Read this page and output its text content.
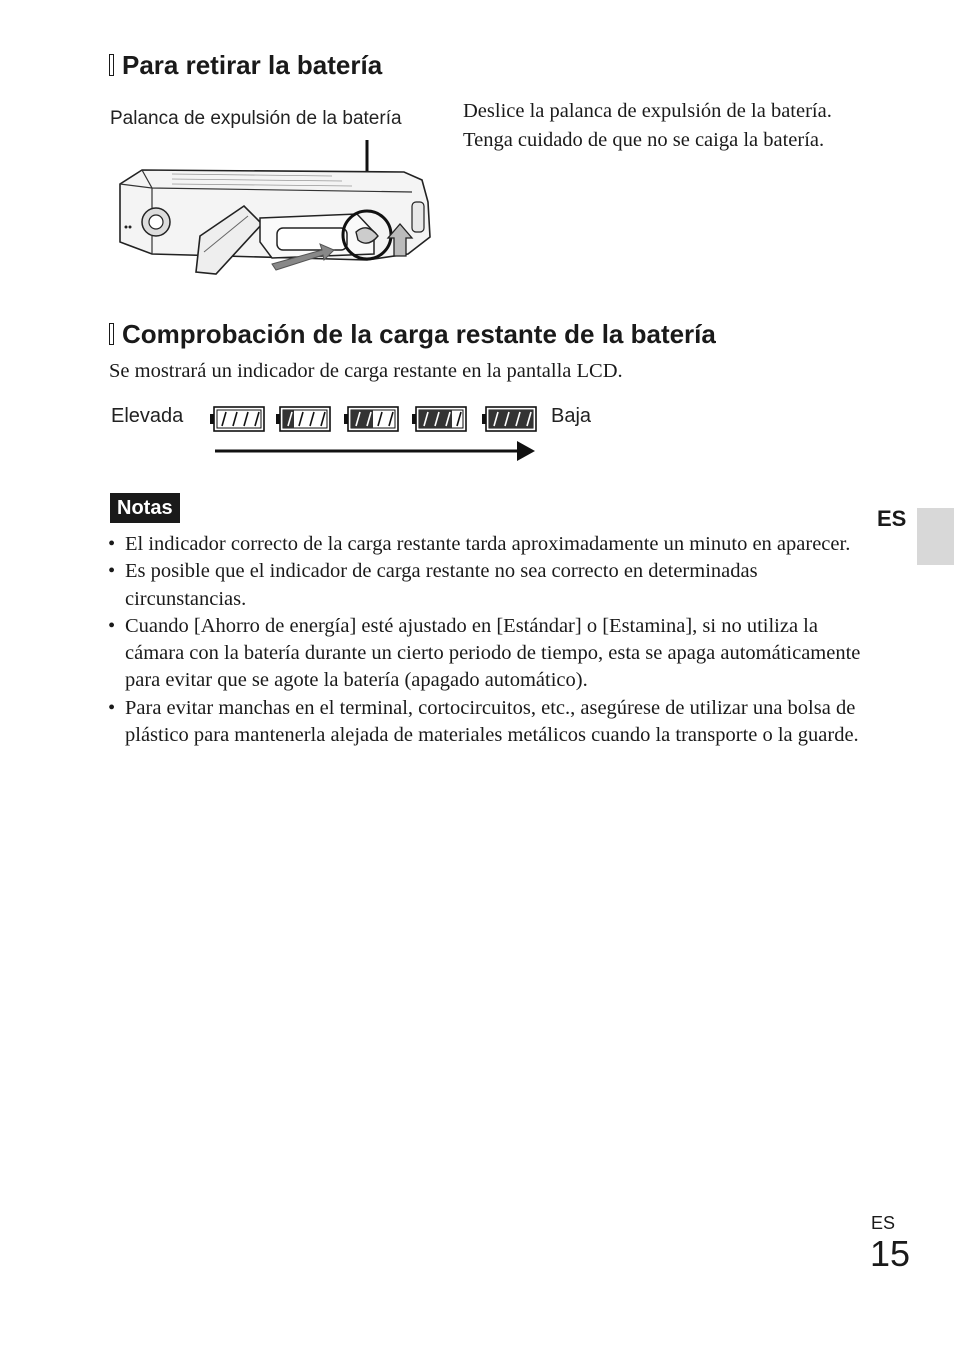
Para retirar la batería
Palanca de expulsión de la batería	Deslice la palanca de expulsión de la batería. Tenga cuidado de que no se caiga la batería.
Comprobación de la carga restante de la batería
Se mostrará un indicador de carga restante en la pantalla LCD.
Elevada	Baja
Notas
• El indicador correcto de la carga restante tarda aproximadamente un minuto en aparecer.
• Es posible que el indicador de carga restante no sea correcto en determinadas circunstancias.
• Cuando [Ahorro de energía] esté ajustado en [Estándar] o [Estamina], si no utiliza la cámara con la batería durante un cierto periodo de tiempo, esta se apaga automáticamente para evitar que se agote la batería (apagado automático).
• Para evitar manchas en el terminal, cortocircuitos, etc., asegúrese de utilizar una bolsa de plástico para mantenerla alejada de materiales metálicos cuando la transporte o la guarde.
ES
ES
15
